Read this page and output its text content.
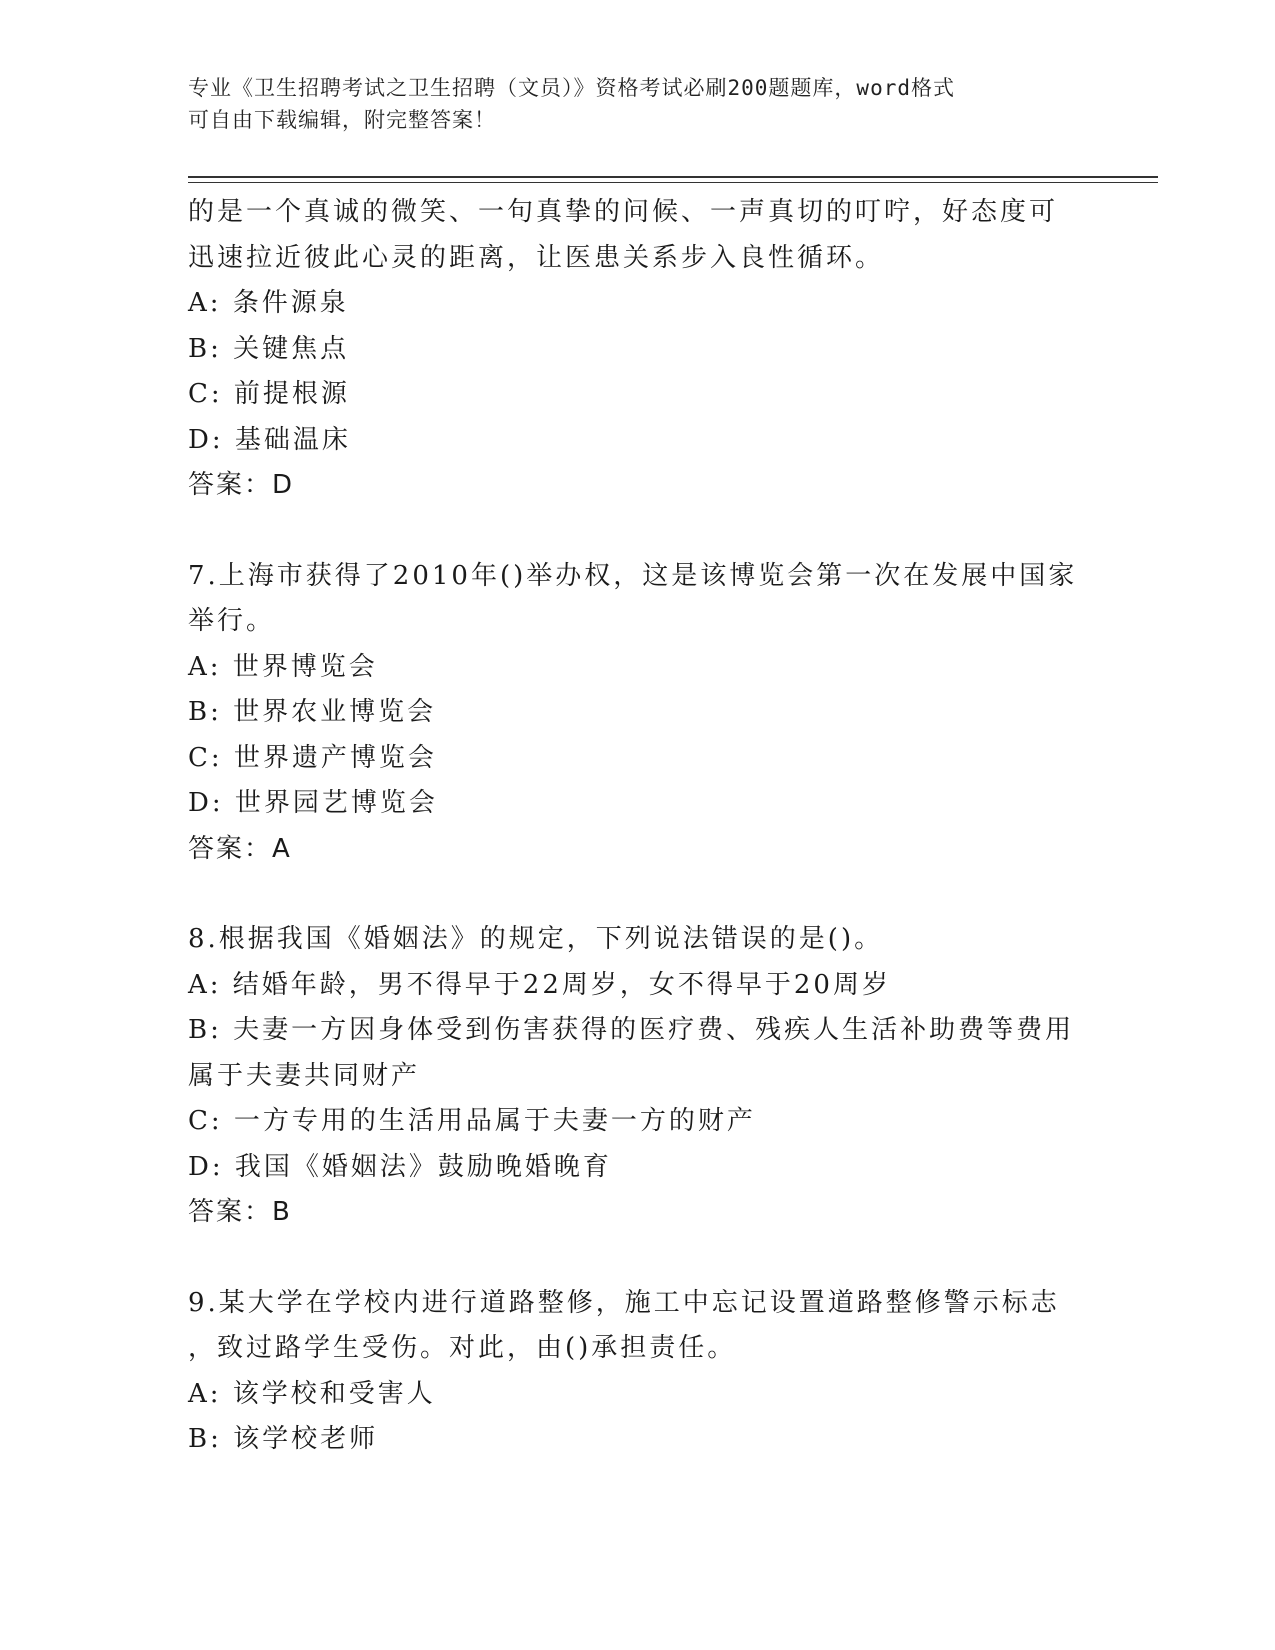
专业《卫生招聘考试之卫生招聘（文员）》资格考试必刷200题题库，word格式
可自由下载编辑，附完整答案！
的是一个真诚的微笑、一句真挚的问候、一声真切的叮咛，好态度可
迅速拉近彼此心灵的距离，让医患关系步入良性循环。
A: 条件源泉
B: 关键焦点
C: 前提根源
D: 基础温床
答案：D
7.上海市获得了2010年()举办权，这是该博览会第一次在发展中国家
举行。
A: 世界博览会
B: 世界农业博览会
C: 世界遗产博览会
D: 世界园艺博览会
答案：A
8.根据我国《婚姻法》的规定，下列说法错误的是()。
A: 结婚年龄，男不得早于22周岁，女不得早于20周岁
B: 夫妻一方因身体受到伤害获得的医疗费、残疾人生活补助费等费用
属于夫妻共同财产
C: 一方专用的生活用品属于夫妻一方的财产
D: 我国《婚姻法》鼓励晚婚晚育
答案：B
9.某大学在学校内进行道路整修，施工中忘记设置道路整修警示标志
，致过路学生受伤。对此，由()承担责任。
A: 该学校和受害人
B: 该学校老师
